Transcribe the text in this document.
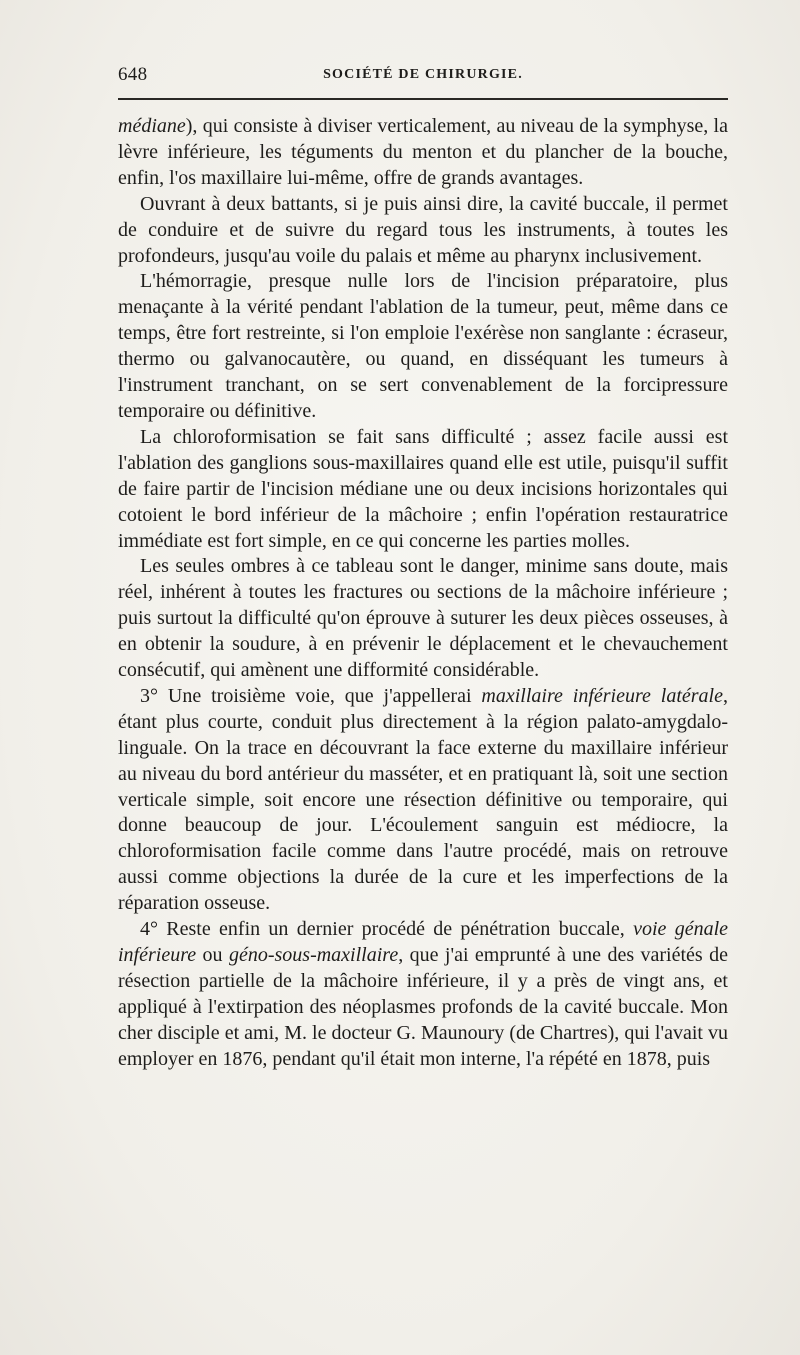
648	SOCIÉTÉ DE CHIRURGIE.

médiane), qui consiste à diviser verticalement, au niveau de la symphyse, la lèvre inférieure, les téguments du menton et du plancher de la bouche, enfin, l'os maxillaire lui-même, offre de grands avantages.

Ouvrant à deux battants, si je puis ainsi dire, la cavité buccale, il permet de conduire et de suivre du regard tous les instruments, à toutes les profondeurs, jusqu'au voile du palais et même au pharynx inclusivement.

L'hémorragie, presque nulle lors de l'incision préparatoire, plus menaçante à la vérité pendant l'ablation de la tumeur, peut, même dans ce temps, être fort restreinte, si l'on emploie l'exérèse non sanglante : écraseur, thermo ou galvanocautère, ou quand, en disséquant les tumeurs à l'instrument tranchant, on se sert convenablement de la forcipressure temporaire ou définitive.

La chloroformisation se fait sans difficulté ; assez facile aussi est l'ablation des ganglions sous-maxillaires quand elle est utile, puisqu'il suffit de faire partir de l'incision médiane une ou deux incisions horizontales qui cotoient le bord inférieur de la mâchoire ; enfin l'opération restauratrice immédiate est fort simple, en ce qui concerne les parties molles.

Les seules ombres à ce tableau sont le danger, minime sans doute, mais réel, inhérent à toutes les fractures ou sections de la mâchoire inférieure ; puis surtout la difficulté qu'on éprouve à suturer les deux pièces osseuses, à en obtenir la soudure, à en prévenir le déplacement et le chevauchement consécutif, qui amènent une difformité considérable.

3° Une troisième voie, que j'appellerai maxillaire inférieure latérale, étant plus courte, conduit plus directement à la région palato-amygdalo-linguale. On la trace en découvrant la face externe du maxillaire inférieur au niveau du bord antérieur du masséter, et en pratiquant là, soit une section verticale simple, soit encore une résection définitive ou temporaire, qui donne beaucoup de jour. L'écoulement sanguin est médiocre, la chloroformisation facile comme dans l'autre procédé, mais on retrouve aussi comme objections la durée de la cure et les imperfections de la réparation osseuse.

4° Reste enfin un dernier procédé de pénétration buccale, voie génale inférieure ou géno-sous-maxillaire, que j'ai emprunté à une des variétés de résection partielle de la mâchoire inférieure, il y a près de vingt ans, et appliqué à l'extirpation des néoplasmes profonds de la cavité buccale. Mon cher disciple et ami, M. le docteur G. Maunoury (de Chartres), qui l'avait vu employer en 1876, pendant qu'il était mon interne, l'a répété en 1878, puis
